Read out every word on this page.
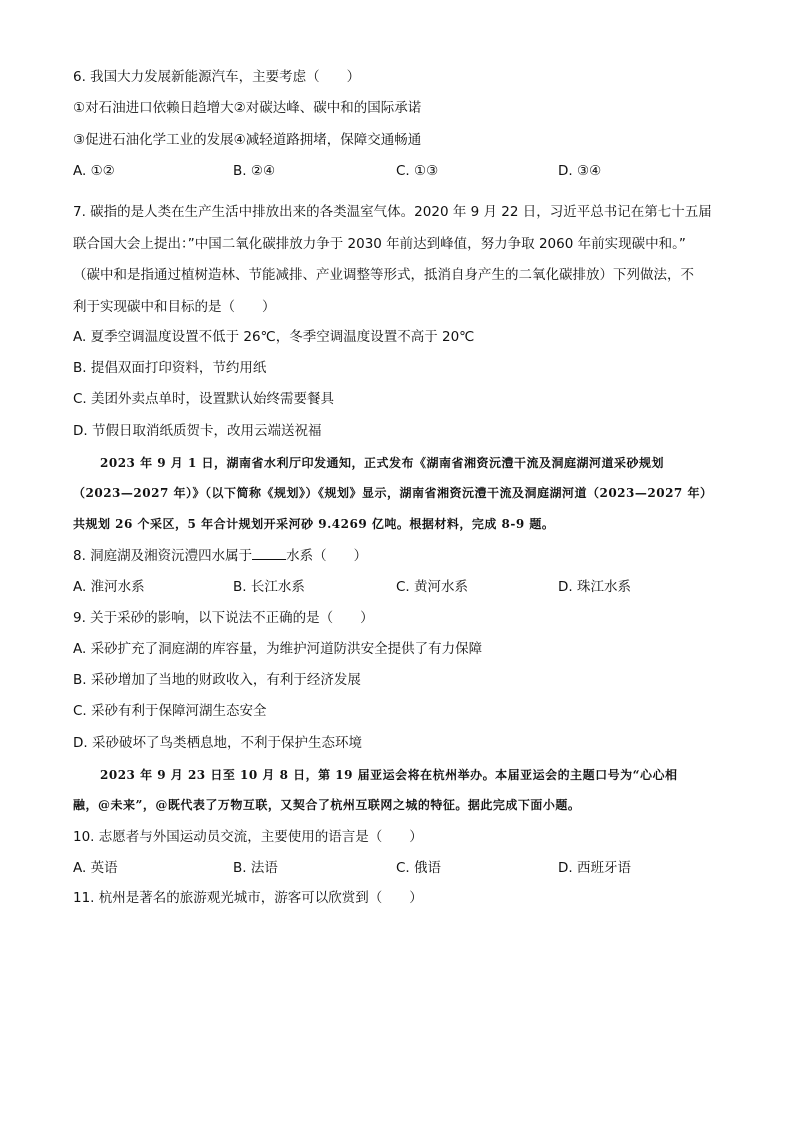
6. 我国大力发展新能源汽车，主要考虑（　　）
①对石油进口依赖日趋增大②对碳达峰、碳中和的国际承诺
③促进石油化学工业的发展④减轻道路拥堵，保障交通畅通
A. ①②	B. ②④	C. ①③	D. ③④
7. 碳指的是人类在生产生活中排放出来的各类温室气体。2020 年 9 月 22 日，习近平总书记在第七十五届
联合国大会上提出：”中国二氧化碳排放力争于 2030 年前达到峰值，努力争取 2060 年前实现碳中和。”
（碳中和是指通过植树造林、节能减排、产业调整等形式，抵消自身产生的二氧化碳排放）下列做法，不
利于实现碳中和目标的是（　　）
A. 夏季空调温度设置不低于 26℃，冬季空调温度设置不高于 20℃
B. 提倡双面打印资料，节约用纸
C. 美团外卖点单时，设置默认始终需要餐具
D. 节假日取消纸质贺卡，改用云端送祝福
2023 年 9 月 1 日，湖南省水利厅印发通知，正式发布《湖南省湘资沅澧干流及洞庭湖河道采砂规划
（2023—2027 年）》（以下简称《规划》）《规划》显示，湖南省湘资沅澧干流及洞庭湖河道（2023—2027 年）
共规划 26 个采区，5 年合计规划开采河砂 9.4269 亿吨。根据材料，完成 8-9 题。
8. 洞庭湖及湘资沅澧四水属于	水系（　　）
A. 淮河水系	B. 长江水系	C. 黄河水系	D. 珠江水系
9. 关于采砂的影响，以下说法不正确的是（　　）
A. 采砂扩充了洞庭湖的库容量，为维护河道防洪安全提供了有力保障
B. 采砂增加了当地的财政收入，有利于经济发展
C. 采砂有利于保障河湖生态安全
D. 采砂破坏了鸟类栖息地，不利于保护生态环境
2023 年 9 月 23 日至 10 月 8 日，第 19 届亚运会将在杭州举办。本届亚运会的主题口号为“心心相
融，@未来”，@既代表了万物互联，又契合了杭州互联网之城的特征。据此完成下面小题。
10. 志愿者与外国运动员交流，主要使用的语言是（　　）
A. 英语	B. 法语	C. 俄语	D. 西班牙语
11. 杭州是著名的旅游观光城市，游客可以欣赏到（　　）
